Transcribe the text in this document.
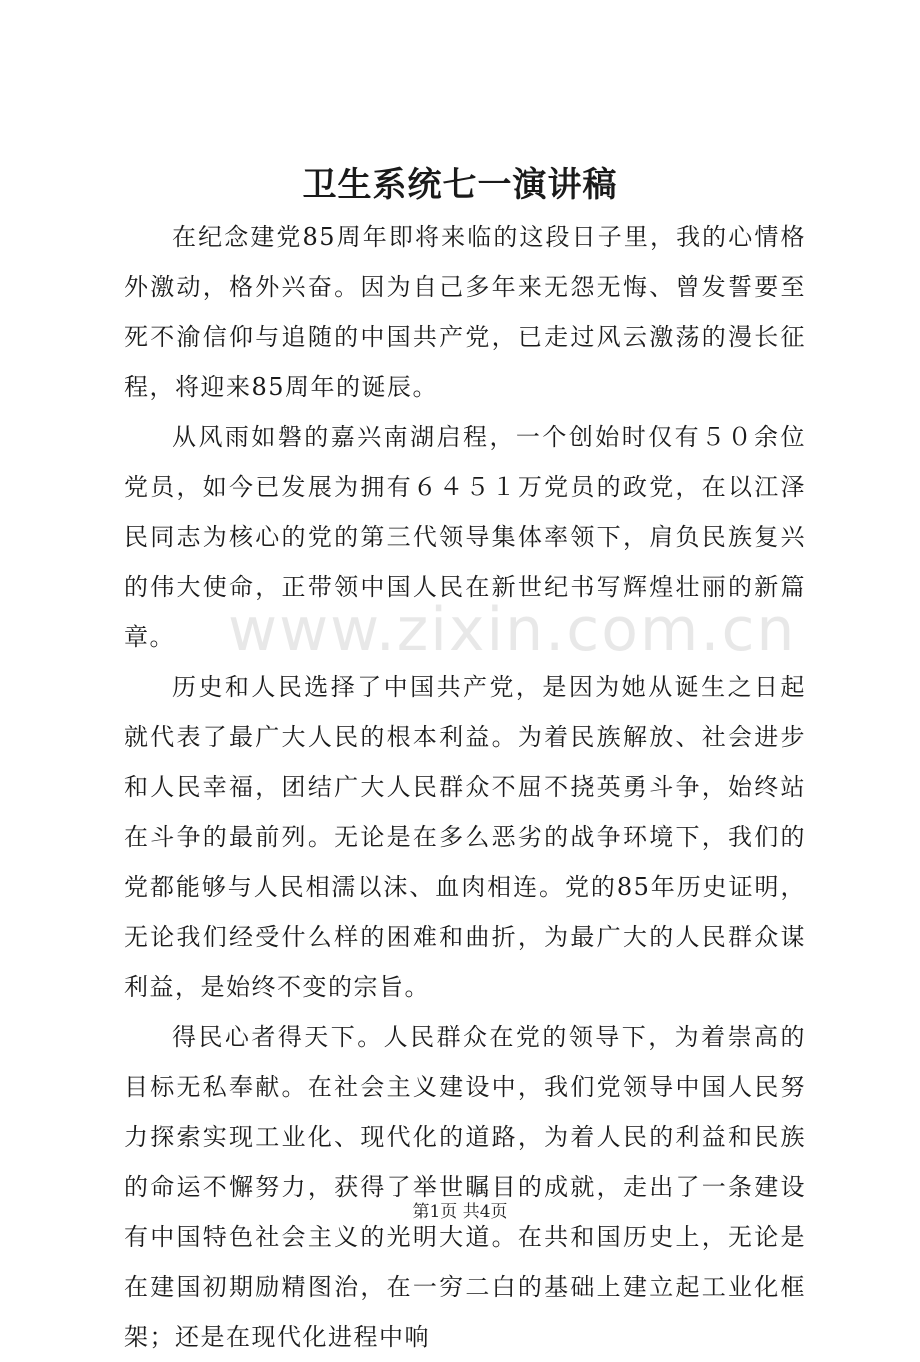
www.zixin.com.cn
卫生系统七一演讲稿

在纪念建党85周年即将来临的这段日子里，我的心情格外激动，格外兴奋。因为自己多年来无怨无悔、曾发誓要至死不渝信仰与追随的中国共产党，已走过风云激荡的漫长征程，将迎来85周年的诞辰。

从风雨如磐的嘉兴南湖启程，一个创始时仅有５０余位党员，如今已发展为拥有６４５１万党员的政党，在以江泽民同志为核心的党的第三代领导集体率领下，肩负民族复兴的伟大使命，正带领中国人民在新世纪书写辉煌壮丽的新篇章。

历史和人民选择了中国共产党，是因为她从诞生之日起就代表了最广大人民的根本利益。为着民族解放、社会进步和人民幸福，团结广大人民群众不屈不挠英勇斗争，始终站在斗争的最前列。无论是在多么恶劣的战争环境下，我们的党都能够与人民相濡以沫、血肉相连。党的85年历史证明，无论我们经受什么样的困难和曲折，为最广大的人民群众谋利益，是始终不变的宗旨。

得民心者得天下。人民群众在党的领导下，为着崇高的目标无私奉献。在社会主义建设中，我们党领导中国人民努力探索实现工业化、现代化的道路，为着人民的利益和民族的命运不懈努力，获得了举世瞩目的成就，走出了一条建设有中国特色社会主义的光明大道。在共和国历史上，无论是在建国初期励精图治，在一穷二白的基础上建立起工业化框架；还是在现代化进程中响

第1页 共4页
